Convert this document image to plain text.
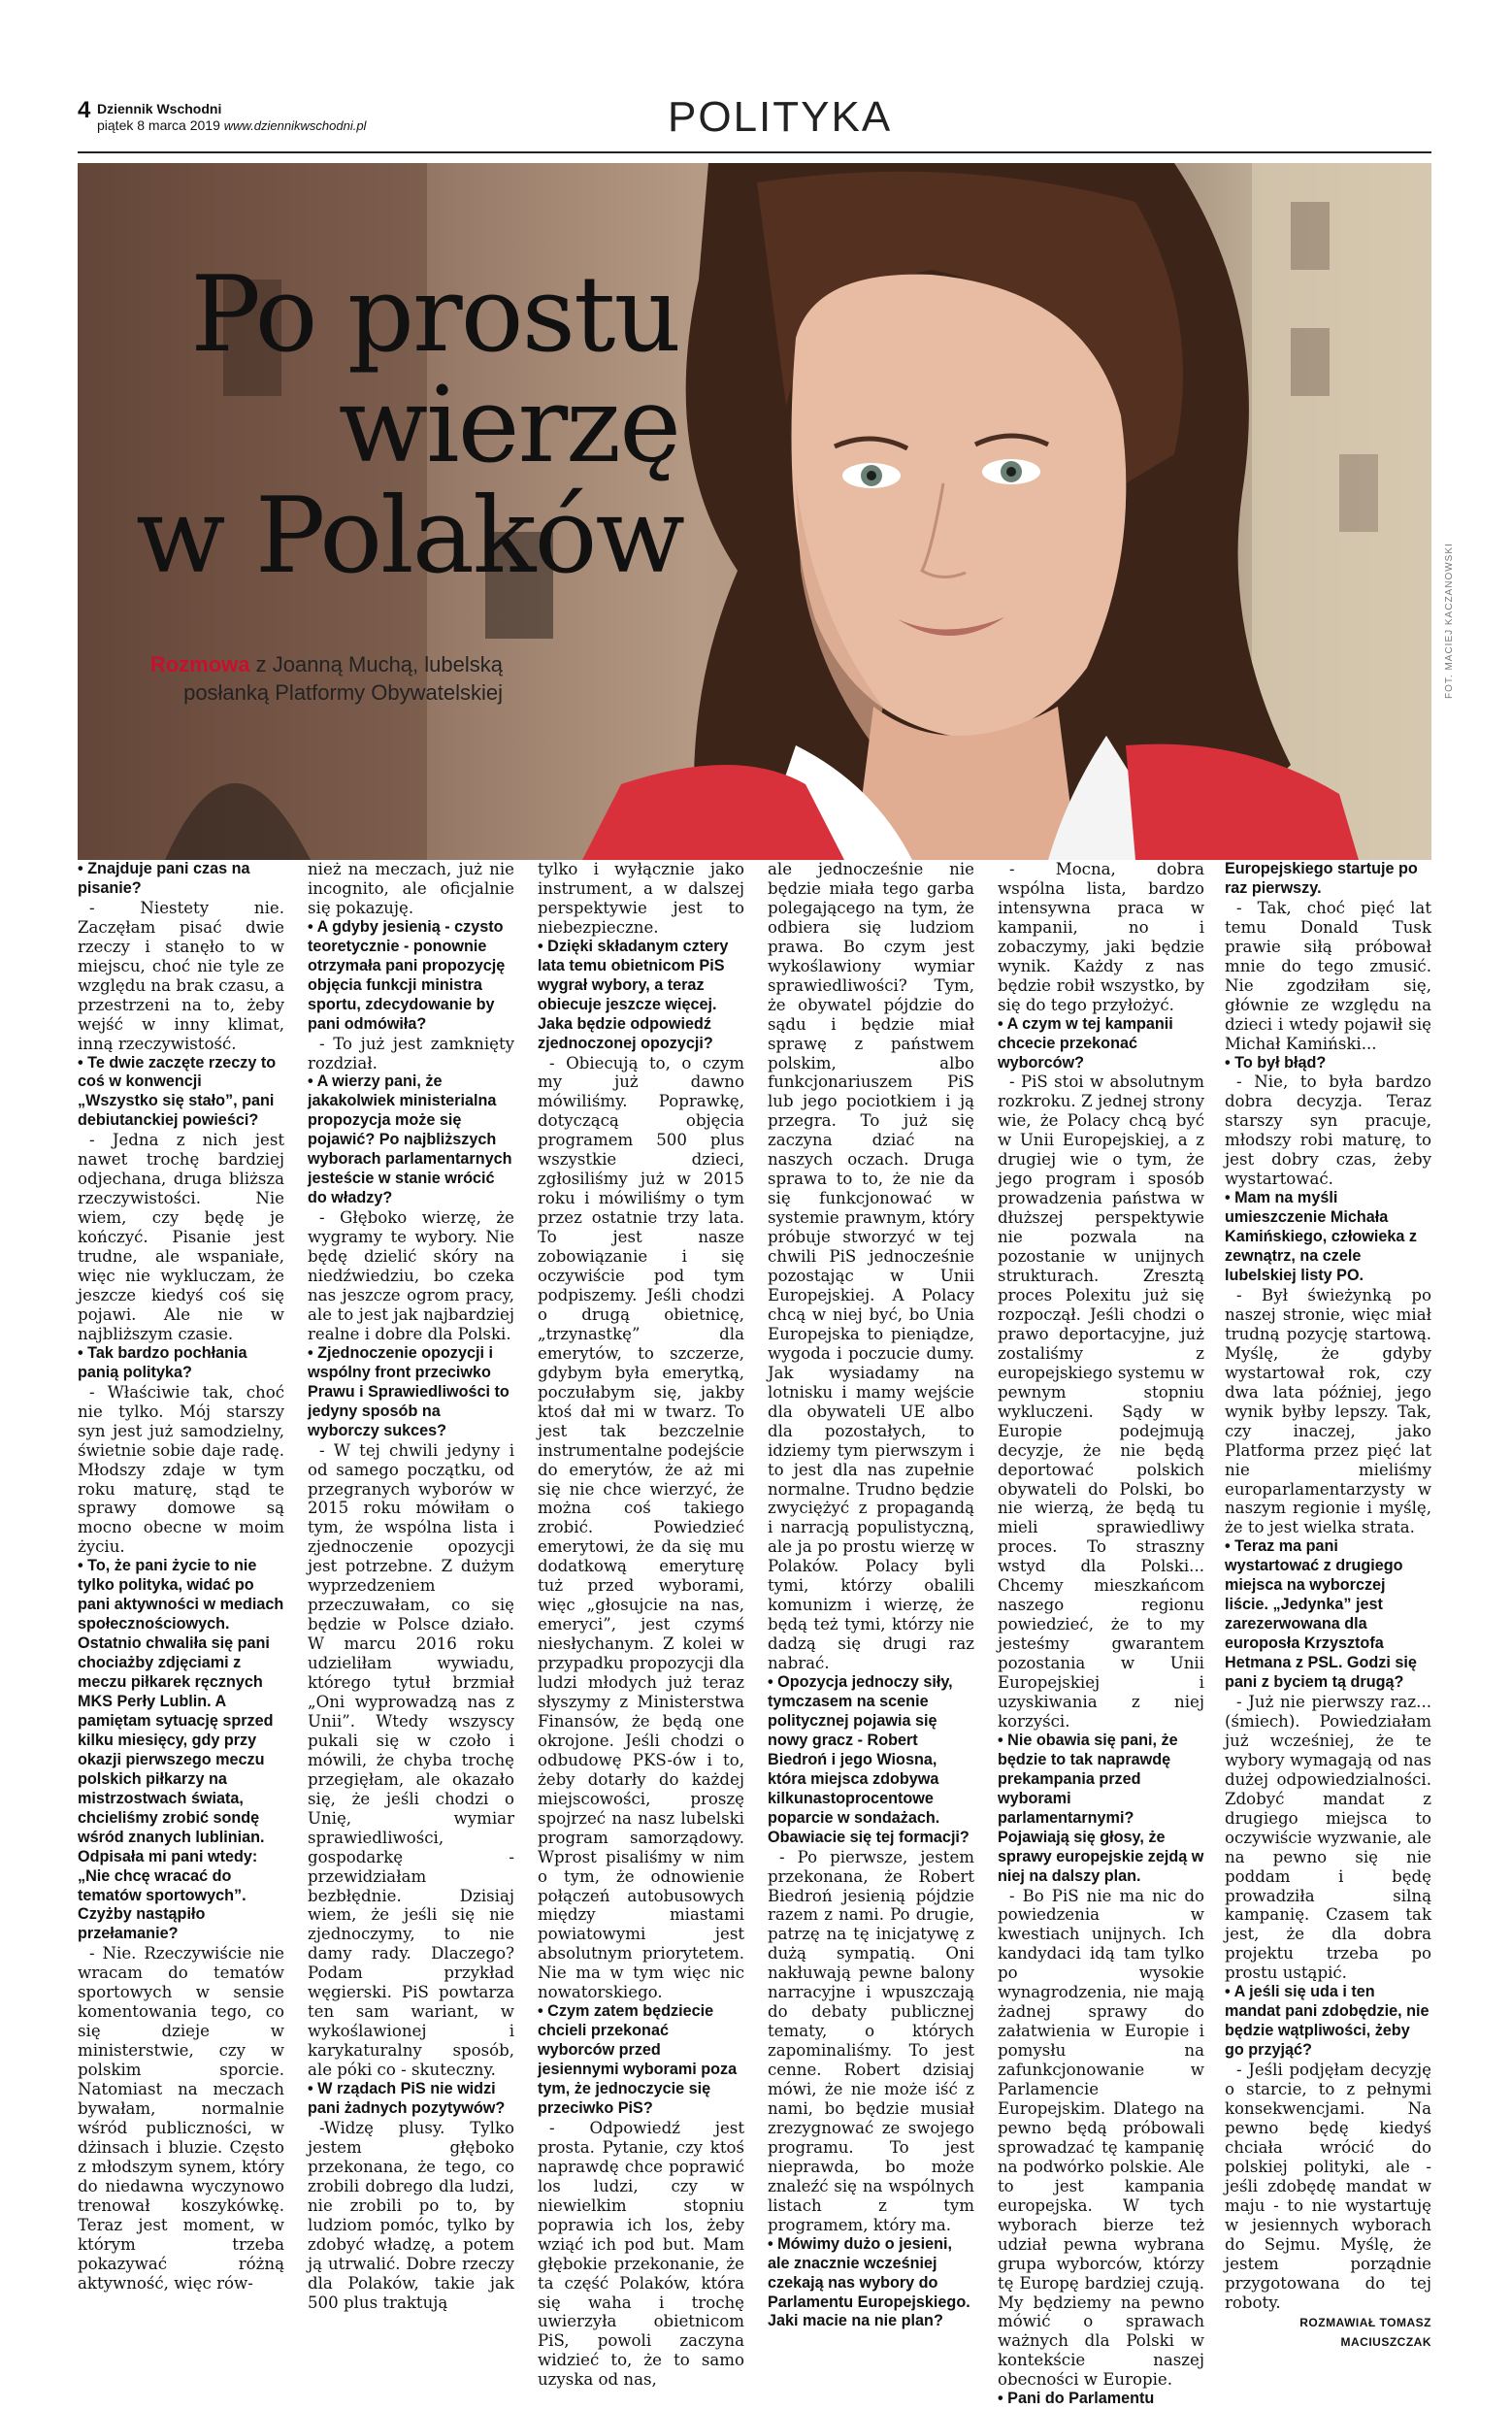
4 Dziennik Wschodni
piątek 8 marca 2019 www.dziennikwschodni.pl	POLITYKA
FOT. MACIEJ KACZANOWSKI
Po prostu
wierzę
w Polaków
Rozmowa z Joanną Muchą, lubelską posłanką Platformy Obywatelskiej

• Znajduje pani czas na pisanie?

- Niestety nie. Zaczęłam pisać dwie rzeczy i stanęło to w miejscu, choć nie tyle ze względu na brak czasu, a przestrzeni na to, żeby wejść w inny klimat, inną rzeczywistość.

• Te dwie zaczęte rzeczy to coś w konwencji „Wszystko się stało”, pani debiutanckiej powieści?

- Jedna z nich jest nawet trochę bardziej odjechana, druga bliższa rzeczywistości. Nie wiem, czy będę je kończyć. Pisanie jest trudne, ale wspaniałe, więc nie wykluczam, że jeszcze kiedyś coś się pojawi. Ale nie w najbliższym czasie.

• Tak bardzo pochłania panią polityka?

- Właściwie tak, choć nie tylko. Mój starszy syn jest już samodzielny, świetnie sobie daje radę. Młodszy zdaje w tym roku maturę, stąd te sprawy domowe są mocno obecne w moim życiu.

• To, że pani życie to nie tylko polityka, widać po pani aktywności w mediach społecznościowych. Ostatnio chwaliła się pani chociażby zdjęciami z meczu piłkarek ręcznych MKS Perły Lublin. A pamiętam sytuację sprzed kilku miesięcy, gdy przy okazji pierwszego meczu polskich piłkarzy na mistrzostwach świata, chcieliśmy zrobić sondę wśród znanych lublinian. Odpisała mi pani wtedy: „Nie chcę wracać do tematów sportowych”. Czyżby nastąpiło przełamanie?

- Nie. Rzeczywiście nie wracam do tematów sportowych w sensie komentowania tego, co się dzieje w ministerstwie, czy w polskim sporcie. Natomiast na meczach bywałam, normalnie wśród publiczności, w dżinsach i bluzie. Często z młodszym synem, który do niedawna wyczynowo trenował koszykówkę. Teraz jest moment, w którym trzeba pokazywać różną aktywność, więc rów-

nież na meczach, już nie incognito, ale oficjalnie się pokazuję.

• A gdyby jesienią - czysto teoretycznie - ponownie otrzymała pani propozycję objęcia funkcji ministra sportu, zdecydowanie by pani odmówiła?

- To już jest zamknięty rozdział.

• A wierzy pani, że jakakolwiek ministerialna propozycja może się pojawić? Po najbliższych wyborach parlamentarnych jesteście w stanie wrócić do władzy?

- Głęboko wierzę, że wygramy te wybory. Nie będę dzielić skóry na niedźwiedziu, bo czeka nas jeszcze ogrom pracy, ale to jest jak najbardziej realne i dobre dla Polski.

• Zjednoczenie opozycji i wspólny front przeciwko Prawu i Sprawiedliwości to jedyny sposób na wyborczy sukces?

- W tej chwili jedyny i od samego początku, od przegranych wyborów w 2015 roku mówiłam o tym, że wspólna lista i zjednoczenie opozycji jest potrzebne. Z dużym wyprzedzeniem przeczuwałam, co się będzie w Polsce działo. W marcu 2016 roku udzieliłam wywiadu, którego tytuł brzmiał „Oni wyprowadzą nas z Unii”. Wtedy wszyscy pukali się w czoło i mówili, że chyba trochę przegięłam, ale okazało się, że jeśli chodzi o Unię, wymiar sprawiedliwości, gospodarkę - przewidziałam bezbłędnie. Dzisiaj wiem, że jeśli się nie zjednoczymy, to nie damy rady. Dlaczego? Podam przykład węgierski. PiS powtarza ten sam wariant, w wykoślawionej i karykaturalny sposób, ale póki co - skuteczny.

• W rządach PiS nie widzi pani żadnych pozytywów?

-Widzę plusy. Tylko jestem głęboko przekonana, że tego, co zrobili dobrego dla ludzi, nie zrobili po to, by ludziom pomóc, tylko by zdobyć władzę, a potem ją utrwalić. Dobre rzeczy dla Polaków, takie jak 500 plus traktują

tylko i wyłącznie jako instrument, a w dalszej perspektywie jest to niebezpieczne.

• Dzięki składanym cztery lata temu obietnicom PiS wygrał wybory, a teraz obiecuje jeszcze więcej. Jaka będzie odpowiedź zjednoczonej opozycji?

- Obiecują to, o czym my już dawno mówiliśmy. Poprawkę, dotyczącą objęcia programem 500 plus wszystkie dzieci, zgłosiliśmy już w 2015 roku i mówiliśmy o tym przez ostatnie trzy lata. To jest nasze zobowiązanie i się oczywiście pod tym podpiszemy. Jeśli chodzi o drugą obietnicę, „trzynastkę” dla emerytów, to szczerze, gdybym była emerytką, poczułabym się, jakby ktoś dał mi w twarz. To jest tak bezczelnie instrumentalne podejście do emerytów, że aż mi się nie chce wierzyć, że można coś takiego zrobić. Powiedzieć emerytowi, że da się mu dodatkową emeryturę tuż przed wyborami, więc „głosujcie na nas, emeryci”, jest czymś niesłychanym. Z kolei w przypadku propozycji dla ludzi młodych już teraz słyszymy z Ministerstwa Finansów, że będą one okrojone. Jeśli chodzi o odbudowę PKS-ów i to, żeby dotarły do każdej miejscowości, proszę spojrzeć na nasz lubelski program samorządowy. Wprost pisaliśmy w nim o tym, że odnowienie połączeń autobusowych między miastami powiatowymi jest absolutnym priorytetem. Nie ma w tym więc nic nowatorskiego.

• Czym zatem będziecie chcieli przekonać wyborców przed jesiennymi wyborami poza tym, że jednoczycie się przeciwko PiS?

- Odpowiedź jest prosta. Pytanie, czy ktoś naprawdę chce poprawić los ludzi, czy w niewielkim stopniu poprawia ich los, żeby wziąć ich pod but. Mam głębokie przekonanie, że ta część Polaków, która się waha i trochę uwierzyła obietnicom PiS, powoli zaczyna widzieć to, że to samo uzyska od nas,

ale jednocześnie nie będzie miała tego garba polegającego na tym, że odbiera się ludziom prawa. Bo czym jest wykoślawiony wymiar sprawiedliwości? Tym, że obywatel pójdzie do sądu i będzie miał sprawę z państwem polskim, albo funkcjonariuszem PiS lub jego pociotkiem i ją przegra. To już się zaczyna dziać na naszych oczach. Druga sprawa to to, że nie da się funkcjonować w systemie prawnym, który próbuje stworzyć w tej chwili PiS jednocześnie pozostając w Unii Europejskiej. A Polacy chcą w niej być, bo Unia Europejska to pieniądze, wygoda i poczucie dumy. Jak wysiadamy na lotnisku i mamy wejście dla obywateli UE albo dla pozostałych, to idziemy tym pierwszym i to jest dla nas zupełnie normalne. Trudno będzie zwyciężyć z propagandą i narracją populistyczną, ale ja po prostu wierzę w Polaków. Polacy byli tymi, którzy obalili komunizm i wierzę, że będą też tymi, którzy nie dadzą się drugi raz nabrać.

• Opozycja jednoczy siły, tymczasem na scenie politycznej pojawia się nowy gracz - Robert Biedroń i jego Wiosna, która miejsca zdobywa kilkunastoprocentowe poparcie w sondażach. Obawiacie się tej formacji?

- Po pierwsze, jestem przekonana, że Robert Biedroń jesienią pójdzie razem z nami. Po drugie, patrzę na tę inicjatywę z dużą sympatią. Oni nakłuwają pewne balony narracyjne i wpuszczają do debaty publicznej tematy, o których zapominaliśmy. To jest cenne. Robert dzisiaj mówi, że nie może iść z nami, bo będzie musiał zrezygnować ze swojego programu. To jest nieprawda, bo może znaleźć się na wspólnych listach z tym programem, który ma.

• Mówimy dużo o jesieni, ale znacznie wcześniej czekają nas wybory do Parlamentu Europejskiego. Jaki macie na nie plan?

- Mocna, dobra wspólna lista, bardzo intensywna praca w kampanii, no i zobaczymy, jaki będzie wynik. Każdy z nas będzie robił wszystko, by się do tego przyłożyć.

• A czym w tej kampanii chcecie przekonać wyborców?

- PiS stoi w absolutnym rozkroku. Z jednej strony wie, że Polacy chcą być w Unii Europejskiej, a z drugiej wie o tym, że jego program i sposób prowadzenia państwa w dłuższej perspektywie nie pozwala na pozostanie w unijnych strukturach. Zresztą proces Polexitu już się rozpoczął. Jeśli chodzi o prawo deportacyjne, już zostaliśmy z europejskiego systemu w pewnym stopniu wykluczeni. Sądy w Europie podejmują decyzje, że nie będą deportować polskich obywateli do Polski, bo nie wierzą, że będą tu mieli sprawiedliwy proces. To straszny wstyd dla Polski... Chcemy mieszkańcom naszego regionu powiedzieć, że to my jesteśmy gwarantem pozostania w Unii Europejskiej i uzyskiwania z niej korzyści.

• Nie obawia się pani, że będzie to tak naprawdę prekampania przed wyborami parlamentarnymi? Pojawiają się głosy, że sprawy europejskie zejdą w niej na dalszy plan.

- Bo PiS nie ma nic do powiedzenia w kwestiach unijnych. Ich kandydaci idą tam tylko po wysokie wynagrodzenia, nie mają żadnej sprawy do załatwienia w Europie i pomysłu na zafunkcjonowanie w Parlamencie Europejskim. Dlatego na pewno będą próbowali sprowadzać tę kampanię na podwórko polskie. Ale to jest kampania europejska. W tych wyborach bierze też udział pewna wybrana grupa wyborców, którzy tę Europę bardziej czują. My będziemy na pewno mówić o sprawach ważnych dla Polski w kontekście naszej obecności w Europie.

• Pani do Parlamentu

Europejskiego startuje po raz pierwszy.

- Tak, choć pięć lat temu Donald Tusk prawie siłą próbował mnie do tego zmusić. Nie zgodziłam się, głównie ze względu na dzieci i wtedy pojawił się Michał Kamiński...

• To był błąd?

- Nie, to była bardzo dobra decyzja. Teraz starszy syn pracuje, młodszy robi maturę, to jest dobry czas, żeby wystartować.

• Mam na myśli umieszczenie Michała Kamińskiego, człowieka z zewnątrz, na czele lubelskiej listy PO.

- Był świeżynką po naszej stronie, więc miał trudną pozycję startową. Myślę, że gdyby wystartował rok, czy dwa lata później, jego wynik byłby lepszy. Tak, czy inaczej, jako Platforma przez pięć lat nie mieliśmy europarlamentarzysty w naszym regionie i myślę, że to jest wielka strata.

• Teraz ma pani wystartować z drugiego miejsca na wyborczej liście. „Jedynka” jest zarezerwowana dla europosła Krzysztofa Hetmana z PSL. Godzi się pani z byciem tą drugą?

- Już nie pierwszy raz... (śmiech). Powiedziałam już wcześniej, że te wybory wymagają od nas dużej odpowiedzialności. Zdobyć mandat z drugiego miejsca to oczywiście wyzwanie, ale na pewno się nie poddam i będę prowadziła silną kampanię. Czasem tak jest, że dla dobra projektu trzeba po prostu ustąpić.

• A jeśli się uda i ten mandat pani zdobędzie, nie będzie wątpliwości, żeby go przyjąć?

- Jeśli podjęłam decyzję o starcie, to z pełnymi konsekwencjami. Na pewno będę kiedyś chciała wrócić do polskiej polityki, ale - jeśli zdobędę mandat w maju - to nie wystartuję w jesiennych wyborach do Sejmu. Myślę, że jestem porządnie przygotowana do tej roboty.

ROZMAWIAŁ TOMASZ MACIUSZCZAK
